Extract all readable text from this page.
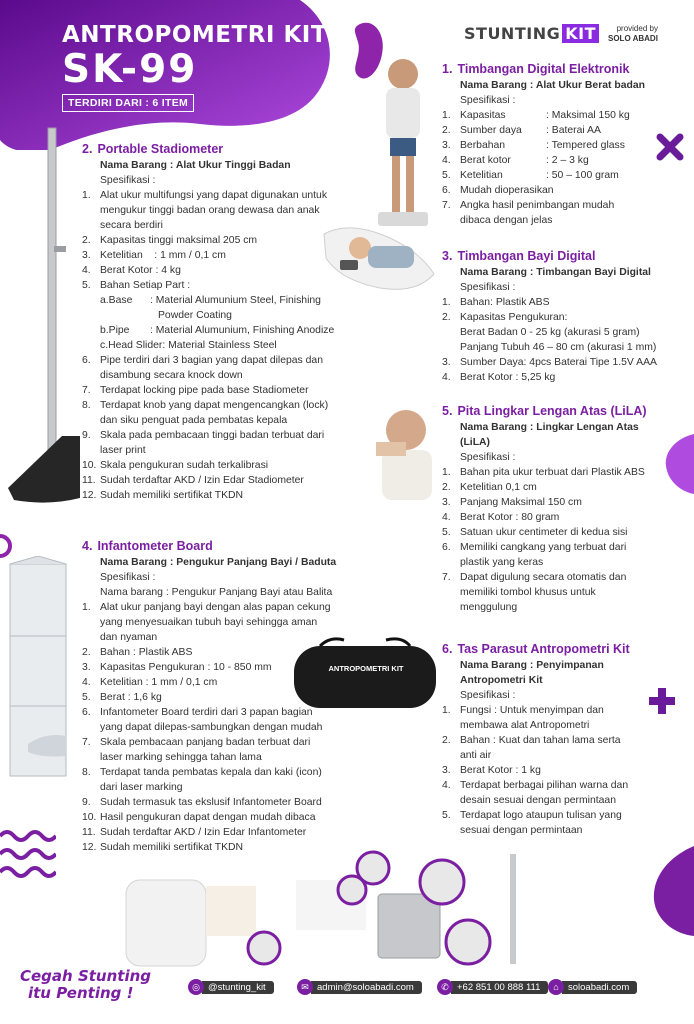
ANTROPOMETRI KIT
SK-99
TERDIRI DARI : 6 ITEM
STUNTING KIT	provided by
SOLO ABADI
ANTROPOMETRI KIT
1. Timbangan Digital Elektronik
Nama Barang : Alat Ukur Berat badan
Spesifikasi :
1. Kapasitas	: Maksimal 150 kg
2. Sumber daya	: Baterai AA
3. Berbahan	: Tempered glass
4. Berat kotor	: 2 – 3 kg
5. Ketelitian	: 50 – 100 gram
6. Mudah dioperasikan
7. Angka hasil penimbangan mudah
dibaca dengan jelas
2. Portable Stadiometer
Nama Barang : Alat Ukur Tinggi Badan
Spesifikasi :
1. Alat ukur multifungsi yang dapat digunakan untuk
mengukur tinggi badan orang dewasa dan anak
secara berdiri
2. Kapasitas tinggi maksimal 205 cm
3. Ketelitian    : 1 mm / 0,1 cm
4. Berat Kotor : 4 kg
5. Bahan Setiap Part :
a.Base	: Material Alumunium Steel, Finishing
Powder Coating
b.Pipe	: Material Alumunium, Finishing Anodize
c.Head Slider: Material Stainless Steel
6. Pipe terdiri dari 3 bagian yang dapat dilepas dan
disambung secara knock down
7. Terdapat locking pipe pada base Stadiometer
8. Terdapat knob yang dapat mengencangkan (lock)
dan siku penguat pada pembatas kepala
9. Skala pada pembacaan tinggi badan terbuat dari
laser print
10. Skala pengukuran sudah terkalibrasi
11. Sudah terdaftar AKD / Izin Edar Stadiometer
12. Sudah memiliki sertifikat TKDN
3. Timbangan Bayi Digital
Nama Barang : Timbangan Bayi Digital
Spesifikasi :
1. Bahan: Plastik ABS
2. Kapasitas Pengukuran:
Berat Badan 0 - 25 kg (akurasi 5 gram)
Panjang Tubuh 46 – 80 cm (akurasi 1 mm)
3. Sumber Daya: 4pcs Baterai Tipe 1.5V AAA
4. Berat Kotor : 5,25 kg
5. Pita Lingkar Lengan Atas (LiLA)
Nama Barang : Lingkar Lengan Atas
(LiLA)
Spesifikasi :
1. Bahan pita ukur terbuat dari Plastik ABS
2. Ketelitian 0,1 cm
3. Panjang Maksimal 150 cm
4. Berat Kotor : 80 gram
5. Satuan ukur centimeter di kedua sisi
6. Memiliki cangkang yang terbuat dari
plastik yang keras
7. Dapat digulung secara otomatis dan
memiliki tombol khusus untuk
menggulung
4. Infantometer Board
Nama Barang : Pengukur Panjang Bayi / Baduta
Spesifikasi :
Nama barang : Pengukur Panjang Bayi atau Balita
1. Alat ukur panjang bayi dengan alas papan cekung
yang menyesuaikan tubuh bayi sehingga aman
dan nyaman
2. Bahan : Plastik ABS
3. Kapasitas Pengukuran : 10 - 850 mm
4. Ketelitian : 1 mm / 0,1 cm
5. Berat : 1,6 kg
6. Infantometer Board terdiri dari 3 papan bagian
yang dapat dilepas-sambungkan dengan mudah
7. Skala pembacaan panjang badan terbuat dari
laser marking sehingga tahan lama
8. Terdapat tanda pembatas kepala dan kaki (icon)
dari laser marking
9. Sudah termasuk tas ekslusif Infantometer Board
10. Hasil pengukuran dapat dengan mudah dibaca
11. Sudah terdaftar AKD / Izin Edar Infantometer
12. Sudah memiliki sertifikat TKDN
6. Tas Parasut Antropometri Kit
Nama Barang : Penyimpanan
Antropometri Kit
Spesifikasi :
1. Fungsi : Untuk menyimpan dan
membawa alat Antropometri
2. Bahan : Kuat dan tahan lama serta
anti air
3. Berat Kotor : 1 kg
4. Terdapat berbagai pilihan warna dan
desain sesuai dengan permintaan
5. Terdapat logo ataupun tulisan yang
sesuai dengan permintaan
Cegah Stunting
itu Penting !	◎ @stunting_kit	✉ admin@soloabadi.com	✆ +62 851 00 888 111	⌂ soloabadi.com
